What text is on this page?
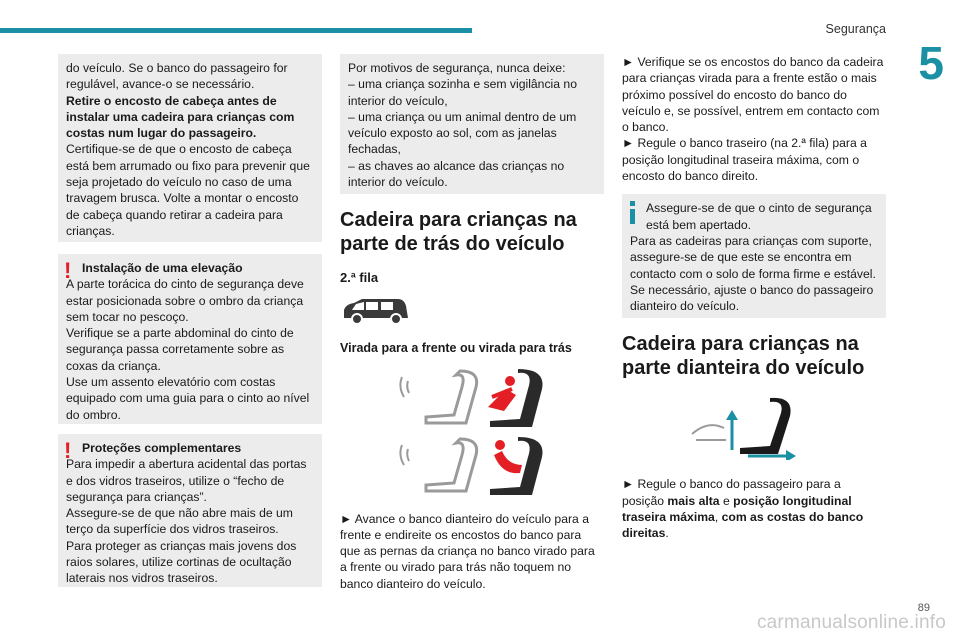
Segurança
5

do veículo. Se o banco do passageiro for regulável, avance-o se necessário.

Retire o encosto de cabeça antes de instalar uma cadeira para crianças com costas num lugar do passageiro.

Certifique-se de que o encosto de cabeça está bem arrumado ou fixo para prevenir que seja projetado do veículo no caso de uma travagem brusca. Volte a montar o encosto de cabeça quando retirar a cadeira para crianças.

! Instalação de uma elevação

A parte torácica do cinto de segurança deve estar posicionada sobre o ombro da criança sem tocar no pescoço.

Verifique se a parte abdominal do cinto de segurança passa corretamente sobre as coxas da criança.

Use um assento elevatório com costas equipado com uma guia para o cinto ao nível do ombro.

! Proteções complementares

Para impedir a abertura acidental das portas e dos vidros traseiros, utilize o “fecho de segurança para crianças”.

Assegure-se de que não abre mais de um terço da superfície dos vidros traseiros.

Para proteger as crianças mais jovens dos raios solares, utilize cortinas de ocultação laterais nos vidros traseiros.

Por motivos de segurança, nunca deixe:

– uma criança sozinha e sem vigilância no interior do veículo,

– uma criança ou um animal dentro de um veículo exposto ao sol, com as janelas fechadas,

– as chaves ao alcance das crianças no interior do veículo.

Cadeira para crianças na parte de trás do veículo
2.ª fila
Virada para a frente ou virada para trás

► Avance o banco dianteiro do veículo para a frente e endireite os encostos do banco para que as pernas da criança no banco virado para a frente ou virado para trás não toquem no banco dianteiro do veículo.

► Verifique se os encostos do banco da cadeira para crianças virada para a frente estão o mais próximo possível do encosto do banco do veículo e, se possível, entrem em contacto com o banco.

► Regule o banco traseiro (na 2.ª fila) para a posição longitudinal traseira máxima, com o encosto do banco direito.

Assegure-se de que o cinto de segurança está bem apertado.

Para as cadeiras para crianças com suporte, assegure-se de que este se encontra em contacto com o solo de forma firme e estável. Se necessário, ajuste o banco do passageiro dianteiro do veículo.

Cadeira para crianças na parte dianteira do veículo

► Regule o banco do passageiro para a posição mais alta e posição longitudinal traseira máxima, com as costas do banco direitas.

89
carmanualsonline.info
